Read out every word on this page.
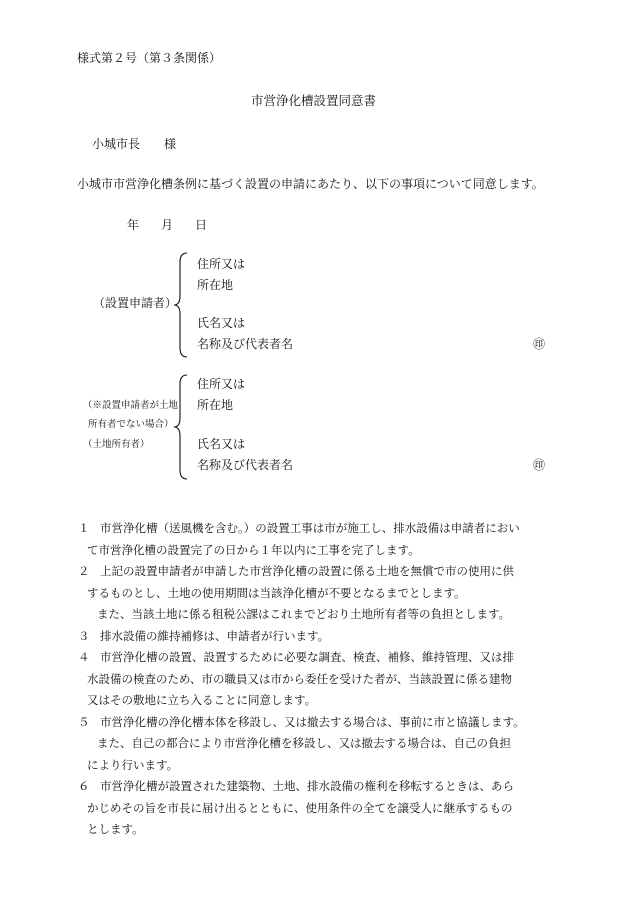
様式第２号（第３条関係）
市営浄化槽設置同意書
小城市長 様
小城市市営浄化槽条例に基づく設置の申請にあたり、以下の事項について同意します。
年 月 日
（設置申請者）
住所又は
所在地
氏名又は
名称及び代表者名	㊞
（※設置申請者が土地
所有者でない場合）
（土地所有者）
住所又は
所在地
氏名又は
名称及び代表者名	㊞
１ 市営浄化槽（送風機を含む。）の設置工事は市が施工し、排水設備は申請者におい
て市営浄化槽の設置完了の日から１年以内に工事を完了します。
２ 上記の設置申請者が申請した市営浄化槽の設置に係る土地を無償で市の使用に供
するものとし、土地の使用期間は当該浄化槽が不要となるまでとします。
また、当該土地に係る租税公課はこれまでどおり土地所有者等の負担とします。
３ 排水設備の維持補修は、申請者が行います。
４ 市営浄化槽の設置、設置するために必要な調査、検査、補修、維持管理、又は排
水設備の検査のため、市の職員又は市から委任を受けた者が、当該設置に係る建物
又はその敷地に立ち入ることに同意します。
５ 市営浄化槽の浄化槽本体を移設し、又は撤去する場合は、事前に市と協議します。
また、自己の都合により市営浄化槽を移設し、又は撤去する場合は、自己の負担
により行います。
６ 市営浄化槽が設置された建築物、土地、排水設備の権利を移転するときは、あら
かじめその旨を市長に届け出るとともに、使用条件の全てを譲受人に継承するもの
とします。
